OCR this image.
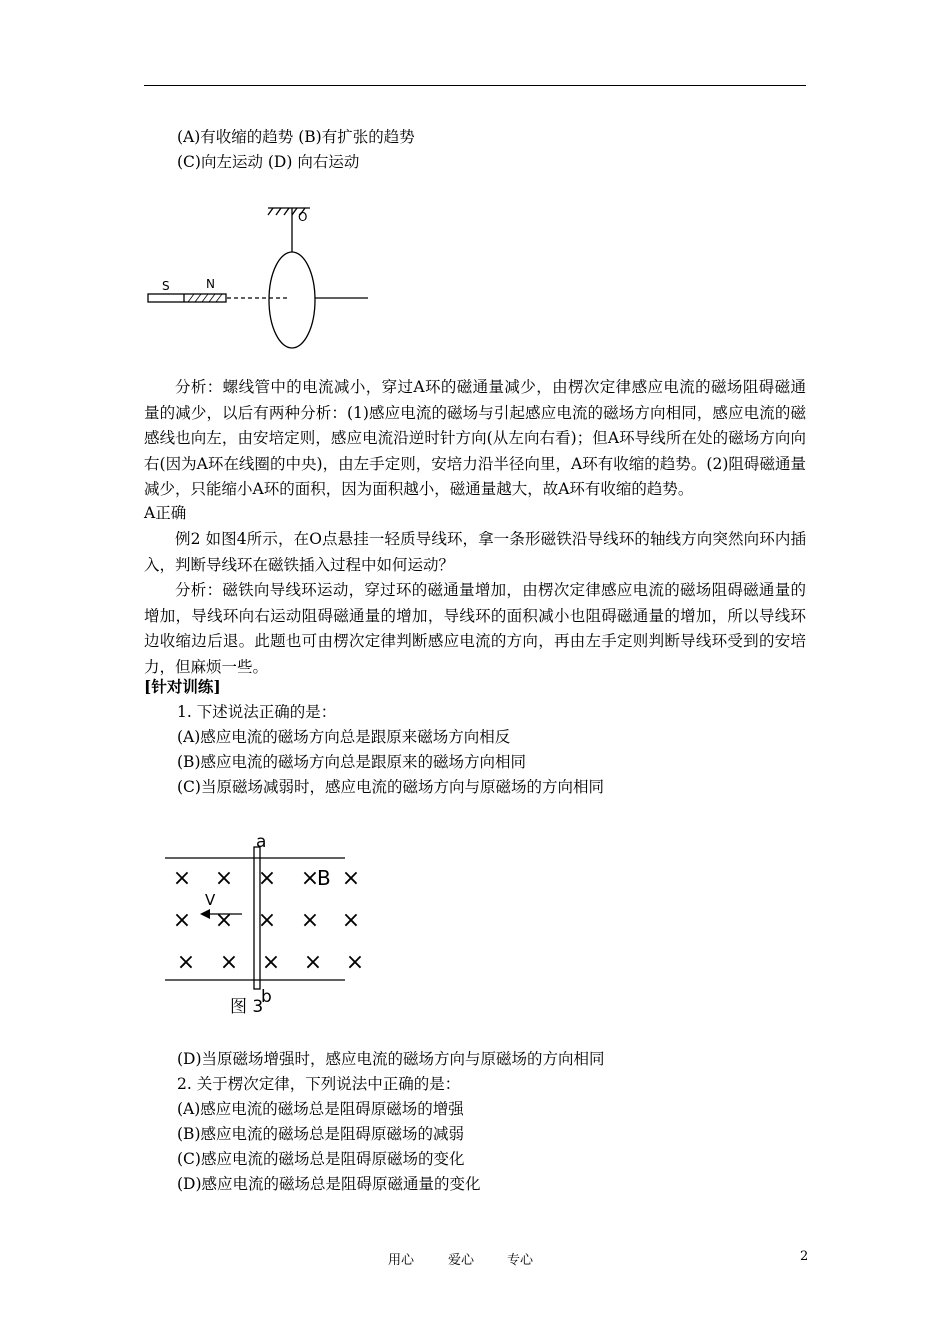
(A)有收缩的趋势 (B)有扩张的趋势
(C)向左运动 (D) 向右运动
O
S	N
分析：螺线管中的电流减小，穿过A环的磁通量减少，由楞次定律感应电流的磁场阻碍磁通量的减少，以后有两种分析：(1)感应电流的磁场与引起感应电流的磁场方向相同，感应电流的磁感线也向左，由安培定则，感应电流沿逆时针方向(从左向右看)；但A环导线所在处的磁场方向向右(因为A环在线圈的中央)，由左手定则，安培力沿半径向里，A环有收缩的趋势。(2)阻碍磁通量减少，只能缩小A环的面积，因为面积越小，磁通量越大，故A环有收缩的趋势。
A正确
例2 如图4所示，在O点悬挂一轻质导线环，拿一条形磁铁沿导线环的轴线方向突然向环内插入，判断导线环在磁铁插入过程中如何运动？
分析：磁铁向导线环运动，穿过环的磁通量增加，由楞次定律感应电流的磁场阻碍磁通量的增加，导线环向右运动阻碍磁通量的增加，导线环的面积减小也阻碍磁通量的增加，所以导线环边收缩边后退。此题也可由楞次定律判断感应电流的方向，再由左手定则判断导线环受到的安培力，但麻烦一些。
[针对训练]
1. 下述说法正确的是：
(A)感应电流的磁场方向总是跟原来磁场方向相反
(B)感应电流的磁场方向总是跟原来的磁场方向相同
(C)当原磁场减弱时，感应电流的磁场方向与原磁场的方向相同
× × × × ×
× × × × ×
× × × × ×
a
b
B
V
图 3
(D)当原磁场增强时，感应电流的磁场方向与原磁场的方向相同
2. 关于楞次定律，下列说法中正确的是：
(A)感应电流的磁场总是阻碍原磁场的增强
(B)感应电流的磁场总是阻碍原磁场的减弱
(C)感应电流的磁场总是阻碍原磁场的变化
(D)感应电流的磁场总是阻碍原磁通量的变化
用心	爱心	专心	2
